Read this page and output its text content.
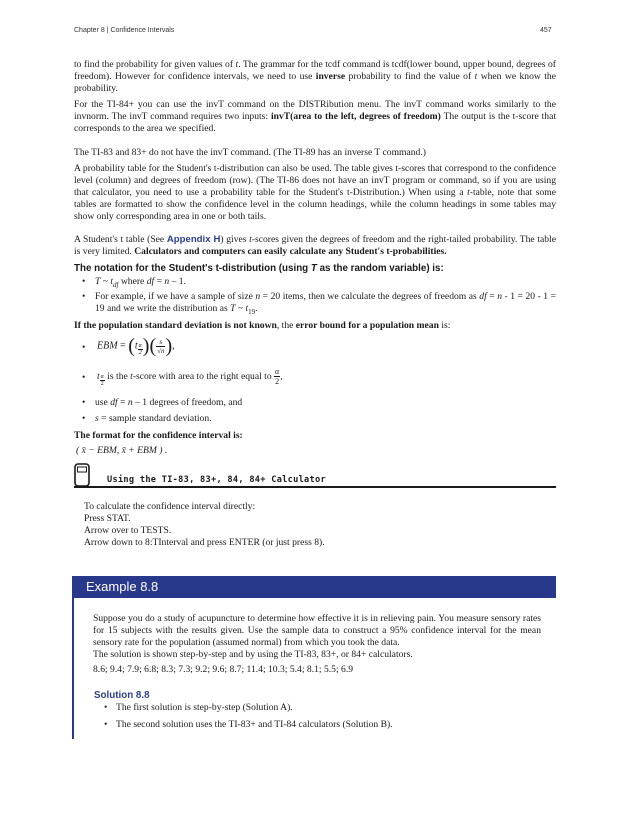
Chapter 8 | Confidence Intervals	457

to find the probability for given values of t. The grammar for the tcdf command is tcdf(lower bound, upper bound, degrees of freedom). However for confidence intervals, we need to use inverse probability to find the value of t when we know the probability.

For the TI-84+ you can use the invT command on the DISTRibution menu. The invT command works similarly to the invnorm. The invT command requires two inputs: invT(area to the left, degrees of freedom) The output is the t-score that corresponds to the area we specified.

The TI-83 and 83+ do not have the invT command. (The TI-89 has an inverse T command.)

A probability table for the Student's t-distribution can also be used. The table gives t-scores that correspond to the confidence level (column) and degrees of freedom (row). (The TI-86 does not have an invT program or command, so if you are using that calculator, you need to use a probability table for the Student's t-Distribution.) When using a t-table, note that some tables are formatted to show the confidence level in the column headings, while the column headings in some tables may show only corresponding area in one or both tails.

A Student's t table (See Appendix H) gives t-scores given the degrees of freedom and the right-tailed probability. The table is very limited. Calculators and computers can easily calculate any Student's t-probabilities.

The notation for the Student's t-distribution (using T as the random variable) is:
•	T ~ $t_{df}$ where df = n – 1.
•	For example, if we have a sample of size n = 20 items, then we calculate the degrees of freedom as df = n - 1 = 20 - 1 = 19 and we write the distribution as T ~ $t_{19}$.
If the population standard deviation is not known, the error bound for a population mean is:
•	EBM = ($t \frac{\alpha}{2}$ )( $\frac{s}{√n}$ ),
•	t $\frac{\alpha}{2}$ is the t-score with area to the right equal to $\frac{\alpha}{2}$ ,
•	use df = n – 1 degrees of freedom, and
•	s = sample standard deviation.
The format for the confidence interval is:
( x̄ − EBM, x̄ + EBM ) .
Using the TI-83, 83+, 84, 84+ Calculator
To calculate the confidence interval directly:
Press STAT.
Arrow over to TESTS.
Arrow down to 8:TInterval and press ENTER (or just press 8).
Example 8.8

Suppose you do a study of acupuncture to determine how effective it is in relieving pain. You measure sensory rates for 15 subjects with the results given. Use the sample data to construct a 95% confidence interval for the mean sensory rate for the population (assumed normal) from which you took the data.
The solution is shown step-by-step and by using the TI-83, 83+, or 84+ calculators.

8.6; 9.4; 7.9; 6.8; 8.3; 7.3; 9.2; 9.6; 8.7; 11.4; 10.3; 5.4; 8.1; 5.5; 6.9
Solution 8.8
• The first solution is step-by-step (Solution A).
• The second solution uses the TI-83+ and TI-84 calculators (Solution B).
